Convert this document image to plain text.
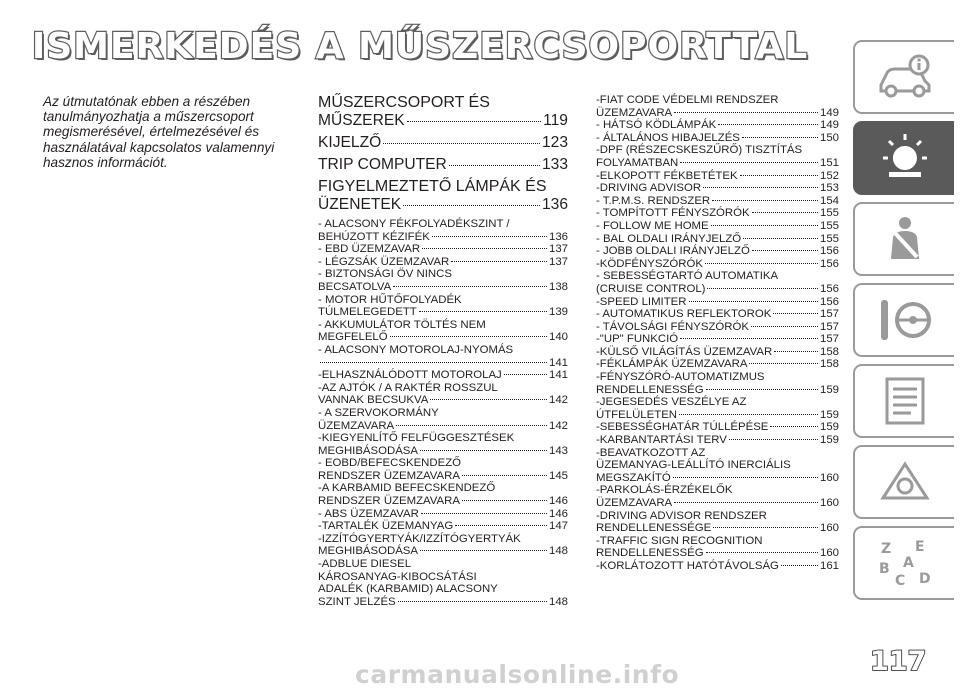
ISMERKEDÉS A MŰSZERCSOPORTTAL
Az útmutatónak ebben a részében
tanulmányozhatja a műszercsoport
megismerésével, értelmezésével és
használatával kapcsolatos valamennyi
hasznos információt.
MŰSZERCSOPORT ÉS
MŰSZEREK	119
KIJELZŐ	123
TRIP COMPUTER	133
FIGYELMEZTETŐ LÁMPÁK ÉS
ÜZENETEK	136
- ALACSONY FÉKFOLYADÉKSZINT /
BEHÚZOTT KÉZIFÉK	136
- EBD ÜZEMZAVAR	137
- LÉGZSÁK ÜZEMZAVAR	137
- BIZTONSÁGI ÖV NINCS
BECSATOLVA	138
- MOTOR HŰTŐFOLYADÉK
TÚLMELEGEDETT	139
- AKKUMULÁTOR TÖLTÉS NEM
MEGFELELŐ	140
- ALACSONY MOTOROLAJ-NYOMÁS
141
-ELHASZNÁLÓDOTT MOTOROLAJ	141
-AZ AJTÓK / A RAKTÉR ROSSZUL
VANNAK BECSUKVA	142
- A SZERVOKORMÁNY
ÜZEMZAVARA	142
-KIEGYENLÍTŐ FELFÜGGESZTÉSEK
MEGHIBÁSODÁSA	143
- EOBD/BEFECSKENDEZŐ
RENDSZER ÜZEMZAVARA	145
-A KARBAMID BEFECSKENDEZŐ
RENDSZER ÜZEMZAVARA	146
- ABS ÜZEMZAVAR	146
-TARTALÉK ÜZEMANYAG	147
-IZZÍTÓGYERTYÁK/IZZÍTÓGYERTYÁK
MEGHIBÁSODÁSA	148
-ADBLUE DIESEL
KÁROSANYAG-KIBOCSÁTÁSI
ADALÉK (KARBAMID) ALACSONY
SZINT JELZÉS	148
-FIAT CODE VÉDELMI RENDSZER
ÜZEMZAVARA	149
- HÁTSÓ KÖDLÁMPÁK	149
- ÁLTALÁNOS HIBAJELZÉS	150
-DPF (RÉSZECSKESZŰRŐ) TISZTÍTÁS
FOLYAMATBAN	151
-ELKOPOTT FÉKBETÉTEK	152
-DRIVING ADVISOR	153
- T.P.M.S. RENDSZER	154
- TOMPÍTOTT FÉNYSZÓRÓK	155
- FOLLOW ME HOME	155
- BAL OLDALI IRÁNYJELZŐ	155
- JOBB OLDALI IRÁNYJELZŐ	156
-KÖDFÉNYSZÓRÓK	156
- SEBESSÉGTARTÓ AUTOMATIKA
(CRUISE CONTROL)	156
-SPEED LIMITER	156
- AUTOMATIKUS REFLEKTOROK	157
- TÁVOLSÁGI FÉNYSZÓRÓK	157
-"UP" FUNKCIÓ	157
-KÜLSŐ VILÁGÍTÁS ÜZEMZAVAR	158
-FÉKLÁMPÁK ÜZEMZAVARA	158
-FÉNYSZÓRÓ-AUTOMATIZMUS
RENDELLENESSÉG	159
-JEGESEDÉS VESZÉLYE AZ
ÚTFELÜLETEN	159
-SEBESSÉGHATÁR TÚLLÉPÉSE	159
-KARBANTARTÁSI TERV	159
-BEAVATKOZOTT AZ
ÜZEMANYAG-LEÁLLÍTÓ INERCIÁLIS
MEGSZAKÍTÓ	160
-PARKOLÁS-ÉRZÉKELŐK
ÜZEMZAVARA	160
-DRIVING ADVISOR RENDSZER
RENDELLENESSÉGE	160
-TRAFFIC SIGN RECOGNITION
RENDELLENESSÉG	160
-KORLÁTOZOTT HATÓTÁVOLSÁG	161
Z E
B A
C D
117
carmanualsonline.info
